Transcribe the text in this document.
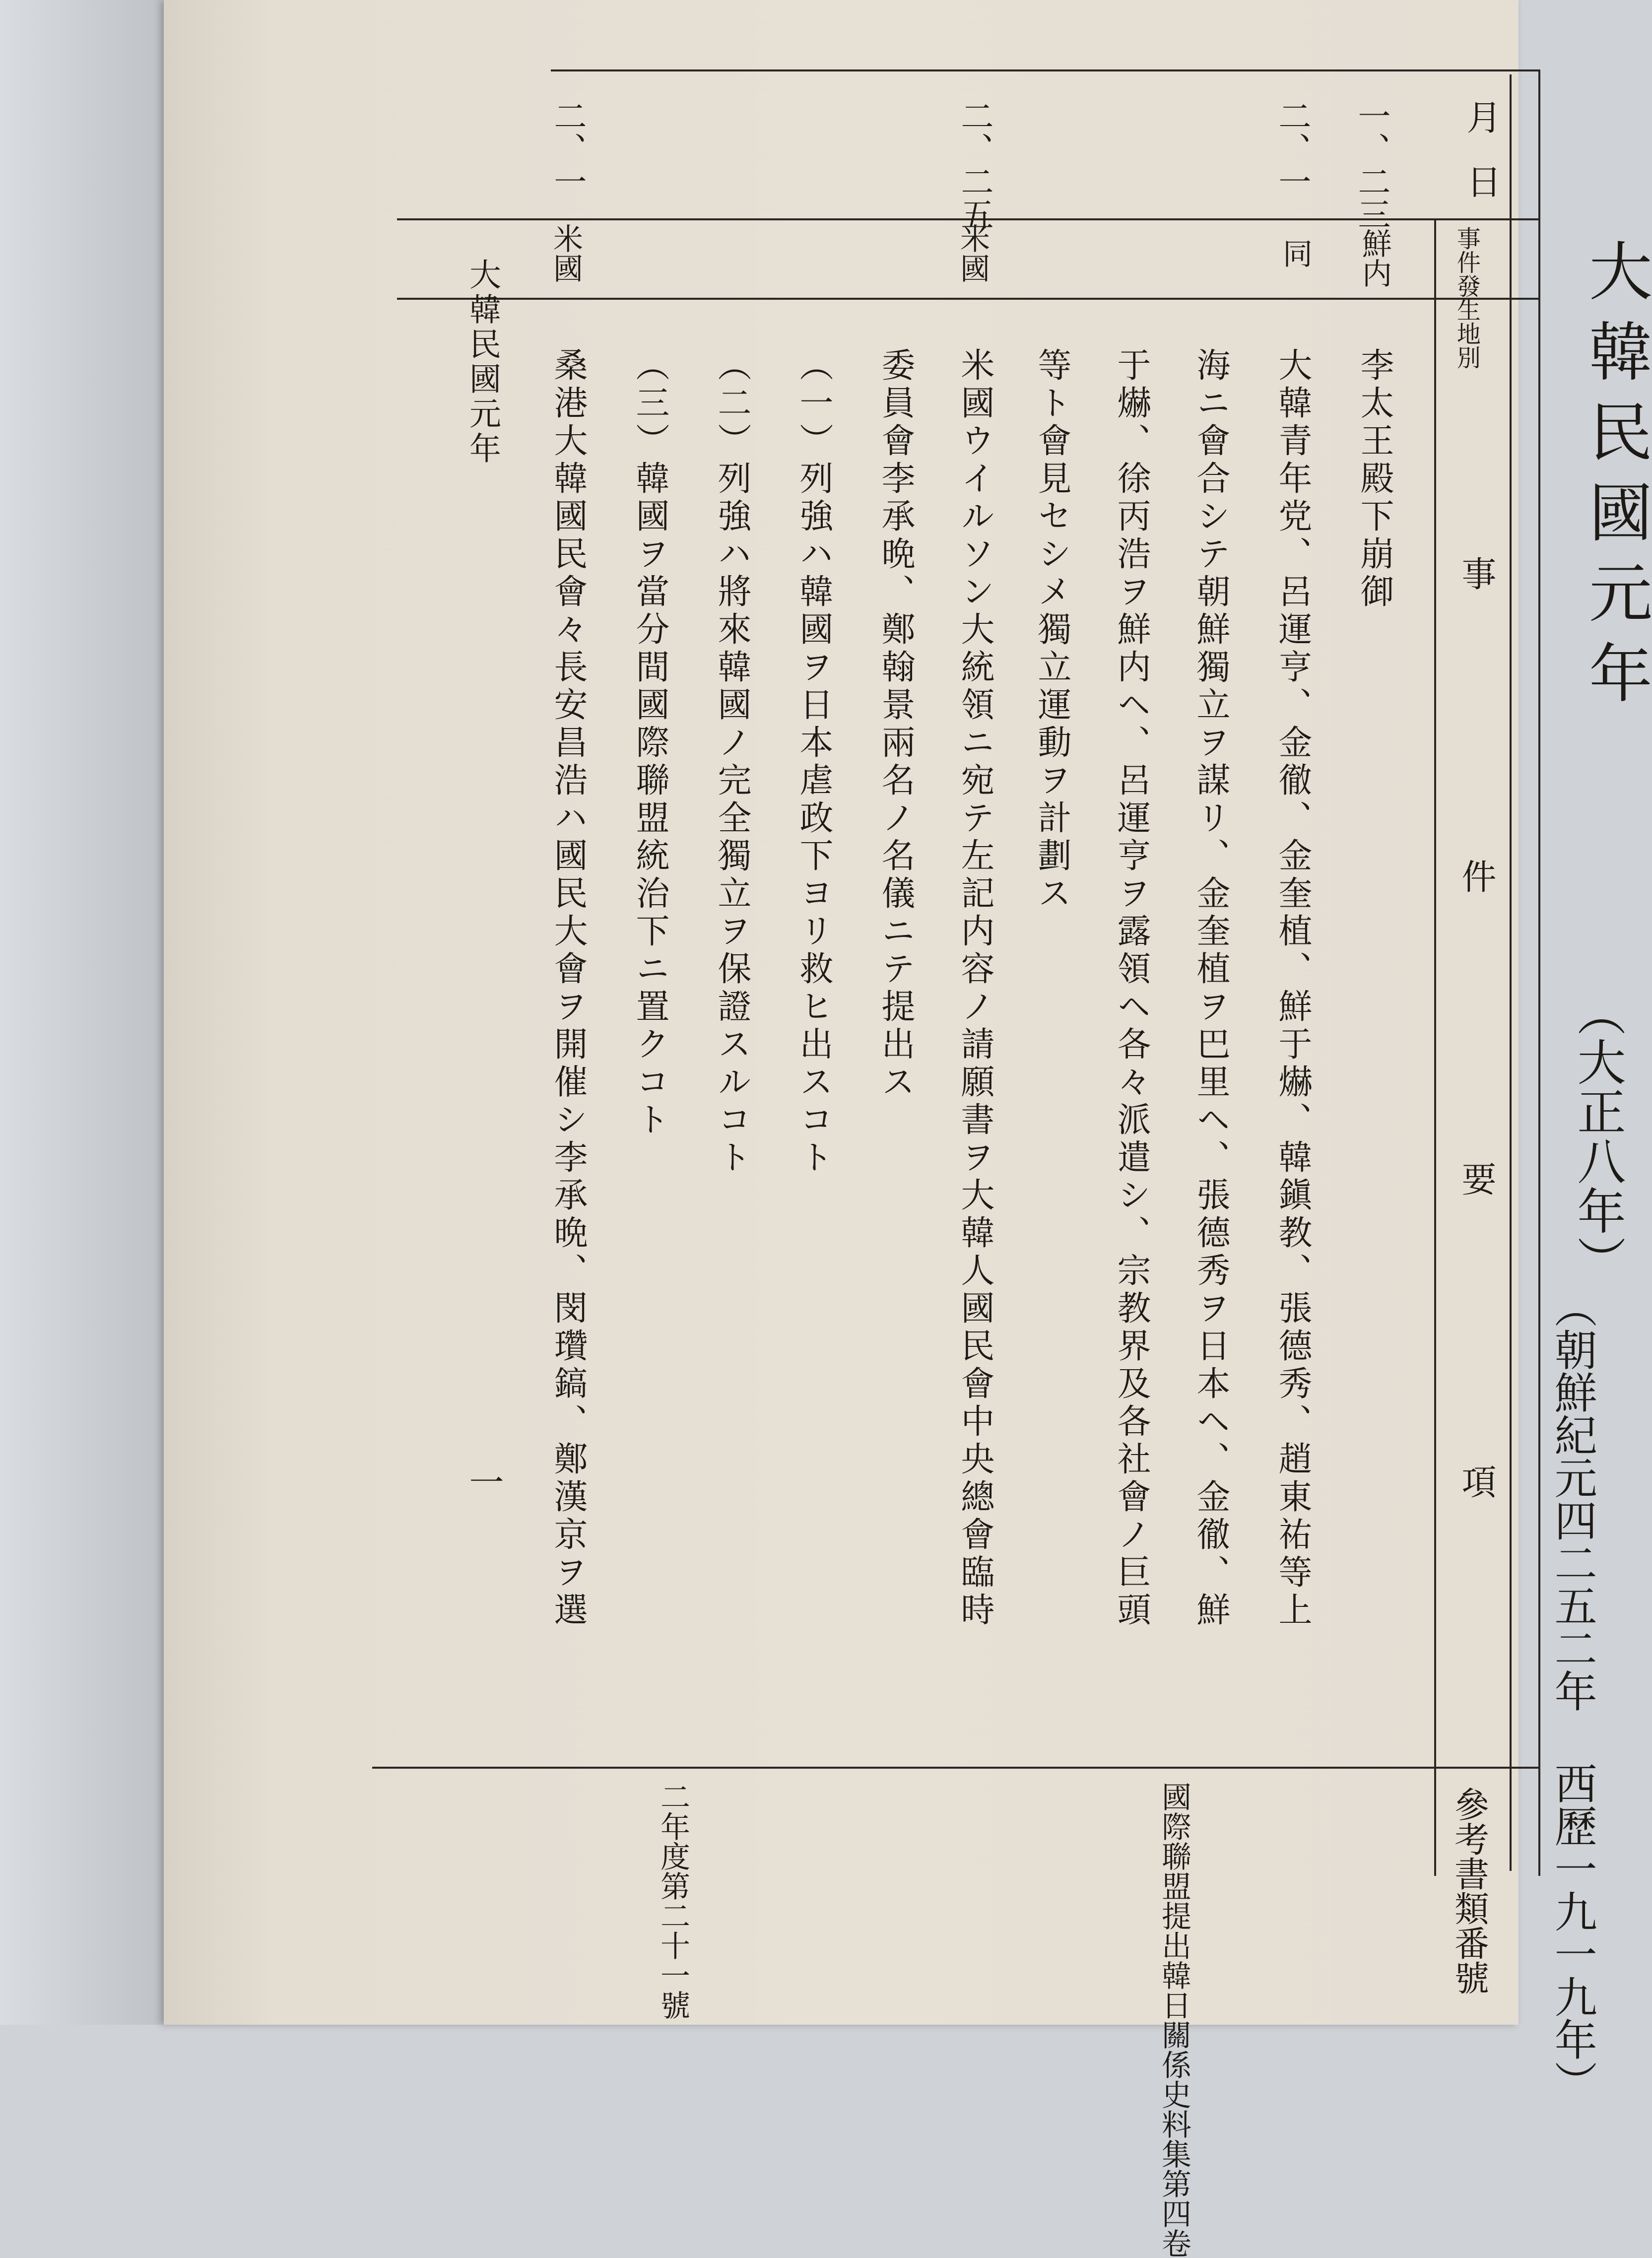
大韓民國元年
（大正八年）
（朝鮮紀元四二五二年 西歷一九一九年）
月日
事件發生地別
事件要項
參考書類番號
一、二三
鮮内
李太王殿下崩御
二、一
同
大韓青年党、呂運亨、金徹、金奎植、鮮于爀、韓鎭教、張德秀、趙東祐等上
海ニ會合シテ朝鮮獨立ヲ謀リ、金奎植ヲ巴里ヘ、張德秀ヲ日本ヘ、金徹、鮮
于爀、徐丙浩ヲ鮮内ヘ、呂運亨ヲ露領ヘ各々派遣シ、宗教界及各社會ノ巨頭
等ト會見セシメ獨立運動ヲ計劃ス
國際聯盟提出韓日關係史料集第四卷
二、二五
米國
米國ウイルソン大統領ニ宛テ左記内容ノ請願書ヲ大韓人國民會中央總會臨時
委員會李承晩、鄭翰景兩名ノ名儀ニテ提出ス
（一）列強ハ韓國ヲ日本虐政下ヨリ救ヒ出スコト
（二）列強ハ將來韓國ノ完全獨立ヲ保證スルコト
（三）韓國ヲ當分間國際聯盟統治下ニ置クコト
二年度第二十一號
二、一
米國
桑港大韓國民會々長安昌浩ハ國民大會ヲ開催シ李承晩、閔瓚鎬、鄭漢京ヲ選
大韓民國元年
一
